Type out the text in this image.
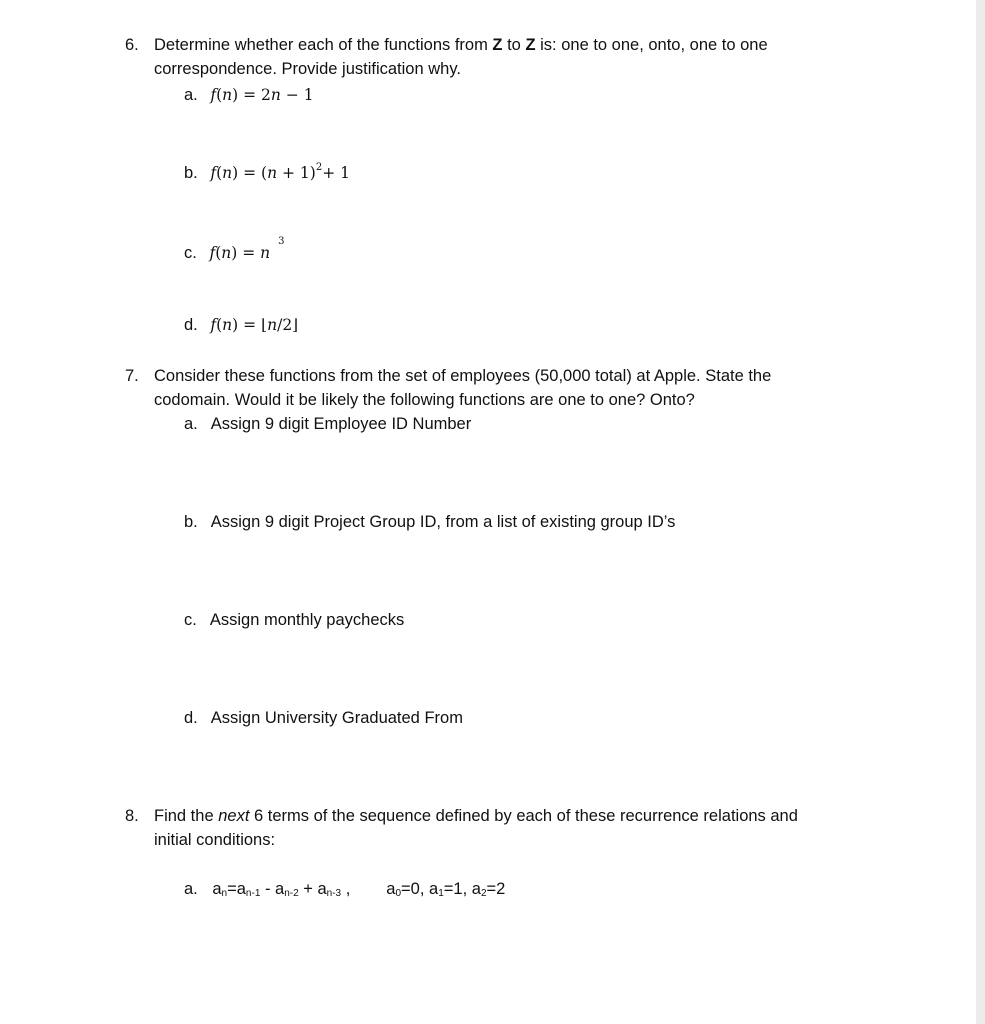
6. Determine whether each of the functions from Z to Z is: one to one, onto, one to one
correspondence. Provide justification why.
a. f(n) = 2n − 1
b. $f(n) = (n + 1)^2+ 1$
c. $f(n) = n^3$
d. f(n) = ⌊n/2⌋
7. Consider these functions from the set of employees (50,000 total) at Apple. State the
codomain. Would it be likely the following functions are one to one? Onto?
a. Assign 9 digit Employee ID Number
b. Assign 9 digit Project Group ID, from a list of existing group ID’s
c. Assign monthly paychecks
d. Assign University Graduated From
8. Find the next 6 terms of the sequence defined by each of these recurrence relations and
initial conditions:
a. $a_n=a_{n-1} - a_{n-2} + a_{n-3}$ , $a_0=0$, $a_1=1$, $a_2=2$
